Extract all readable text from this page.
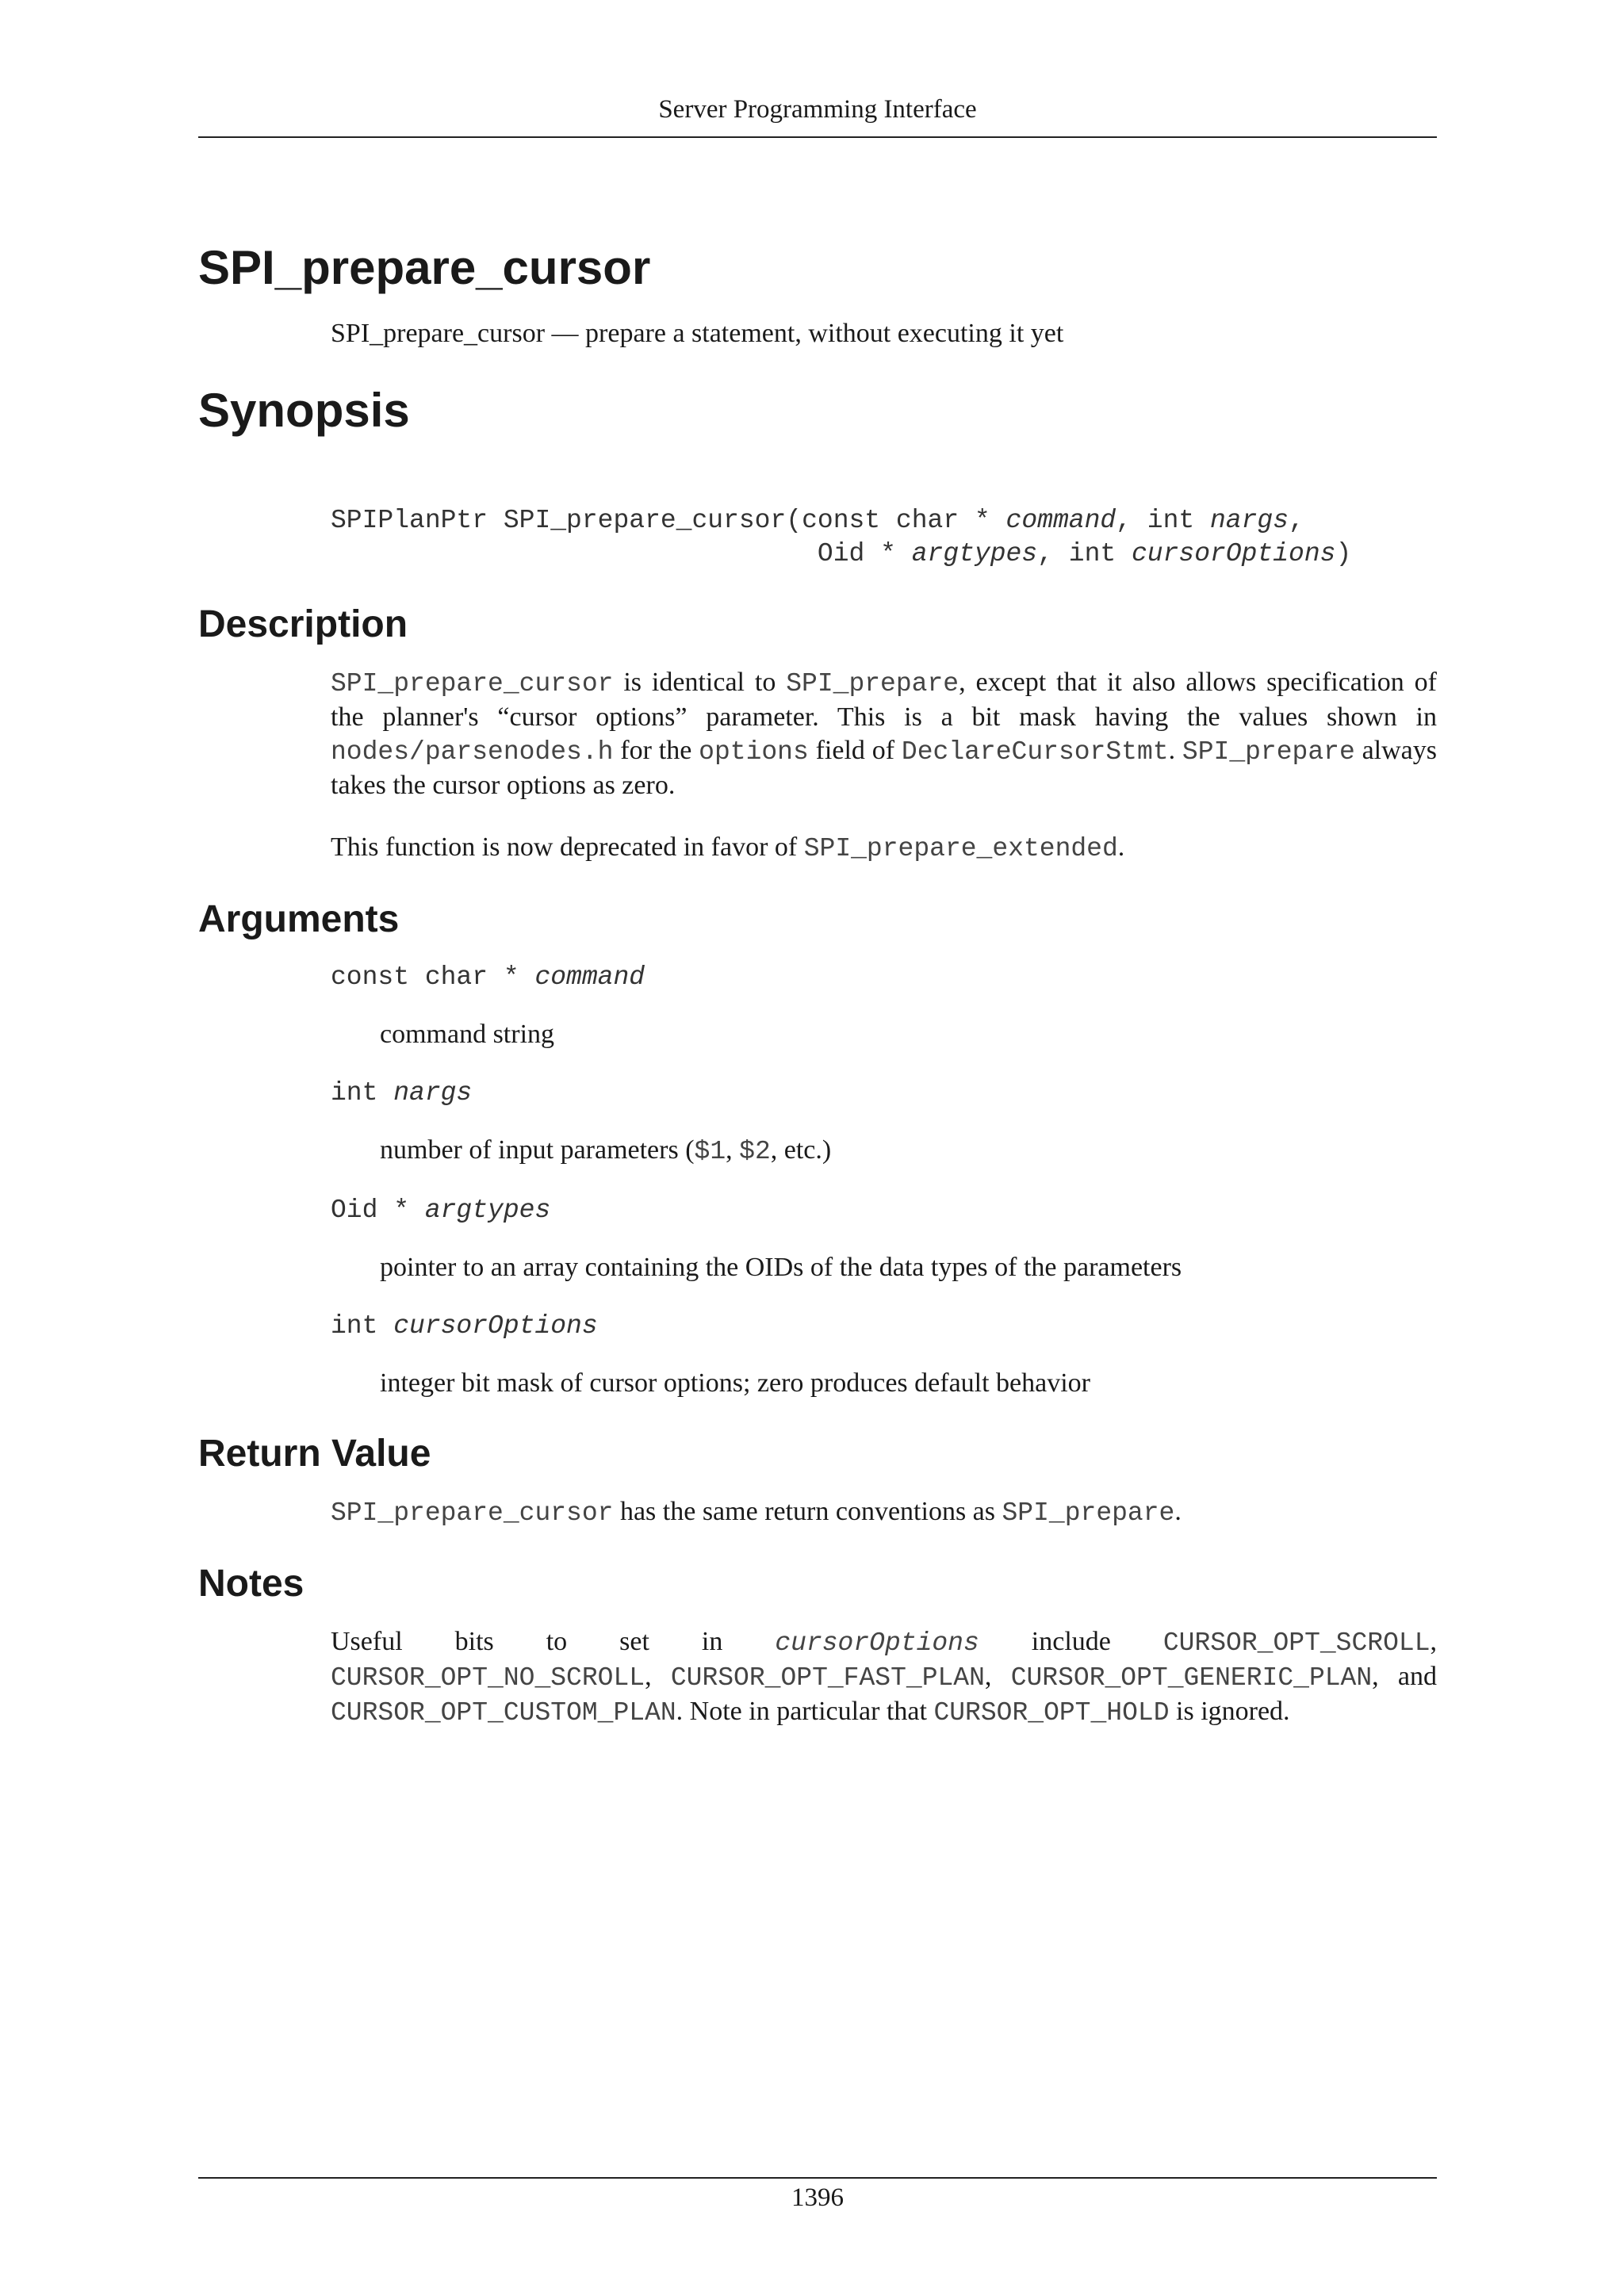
Server Programming Interface
SPI_prepare_cursor
SPI_prepare_cursor — prepare a statement, without executing it yet
Synopsis
SPIPlanPtr SPI_prepare_cursor(const char * command, int nargs,
Oid * argtypes, int cursorOptions)
Description
SPI_prepare_cursor is identical to SPI_prepare, except that it also allows specification of the planner's “cursor options” parameter. This is a bit mask having the values shown in nodes/parsenodes.h for the options field of DeclareCursorStmt. SPI_prepare always takes the cursor options as zero.
This function is now deprecated in favor of SPI_prepare_extended.
Arguments
const char * command
command string
int nargs
number of input parameters ($1, $2, etc.)
Oid * argtypes
pointer to an array containing the OIDs of the data types of the parameters
int cursorOptions
integer bit mask of cursor options; zero produces default behavior
Return Value
SPI_prepare_cursor has the same return conventions as SPI_prepare.
Notes
Useful bits to set in cursorOptions include CURSOR_OPT_SCROLL, CURSOR_OPT_NO_SCROLL, CURSOR_OPT_FAST_PLAN, CURSOR_OPT_GENERIC_PLAN, and CURSOR_OPT_CUSTOM_PLAN. Note in particular that CURSOR_OPT_HOLD is ignored.
1396
